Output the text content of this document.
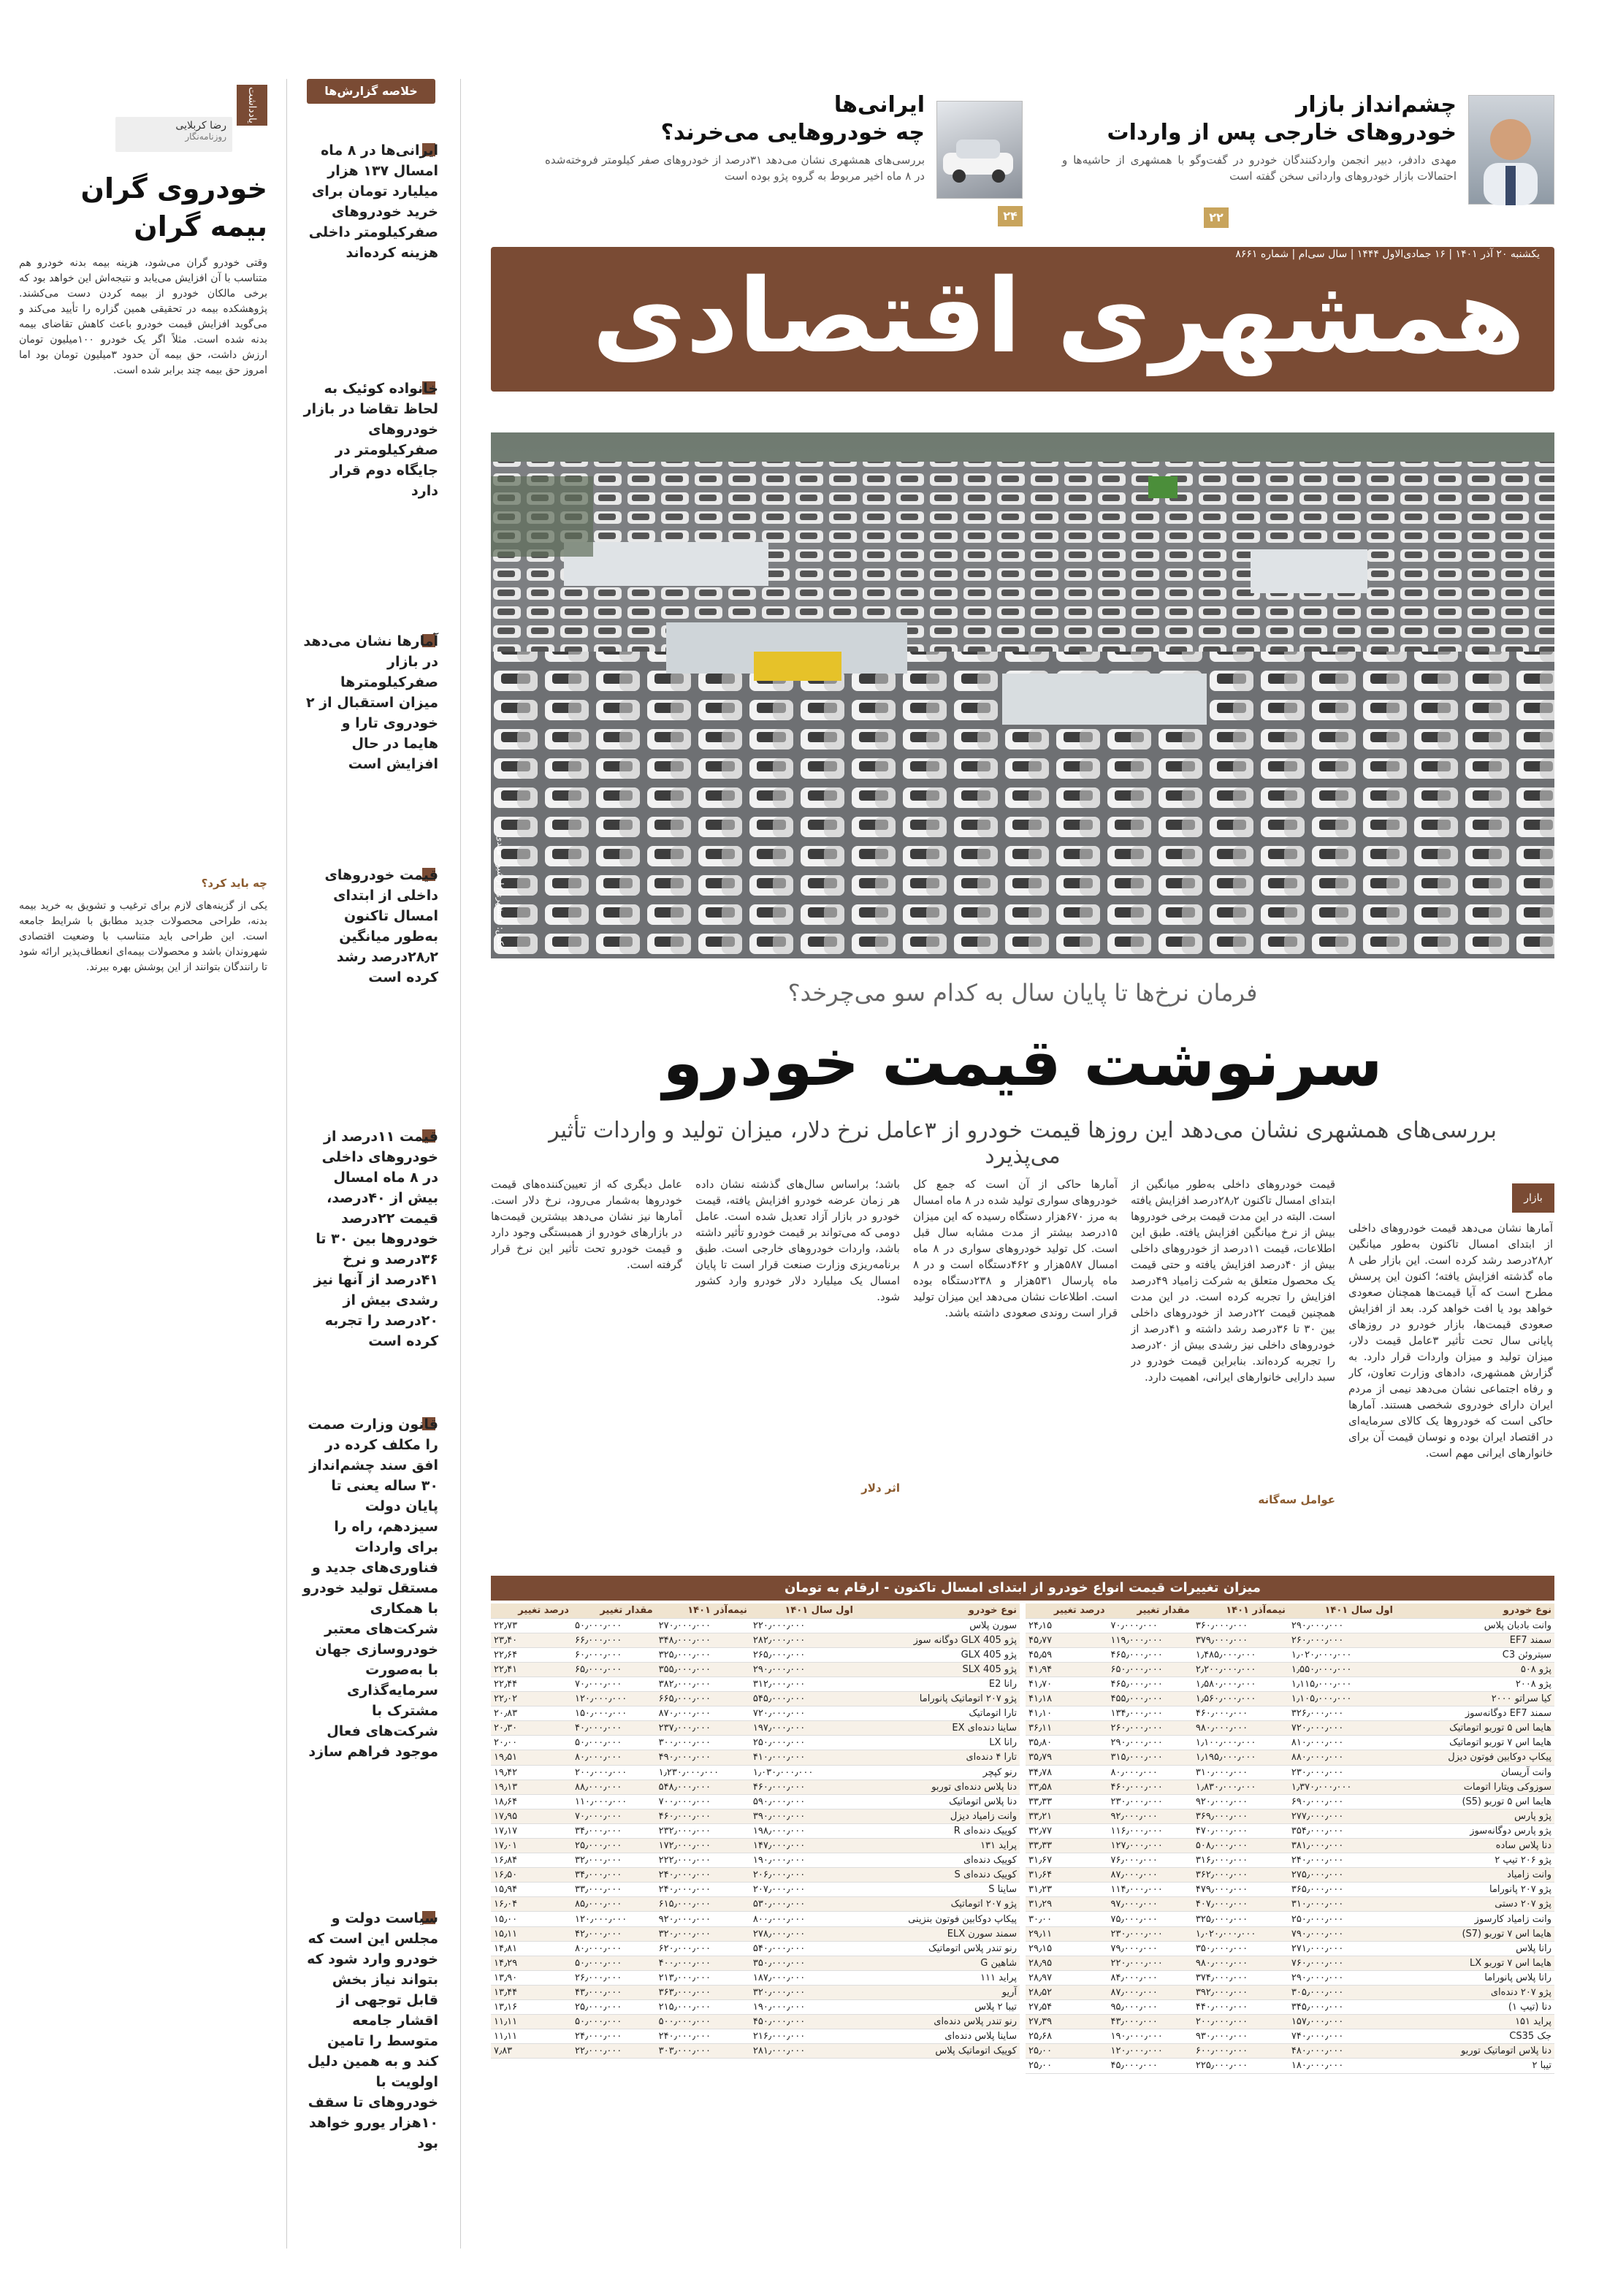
یادداشت
رضا کربلایی
روزنامه‌نگار
خودروی گران بیمه گران
وقتی خودرو گران می‌شود، هزینه بیمه بدنه خودرو هم متناسب با آن افزایش می‌یابد و نتیجه‌اش این خواهد بود که برخی مالکان خودرو از بیمه کردن دست می‌کشند. پژوهشکده بیمه در تحقیقی همین گزاره را تأیید می‌کند و می‌گوید افزایش قیمت خودرو باعث کاهش تقاضای بیمه بدنه شده است. مثلاً اگر یک خودرو ۱۰۰میلیون تومان ارزش داشت، حق بیمه آن حدود ۳میلیون تومان بود اما امروز حق بیمه چند برابر شده است.
چه باید کرد؟
یکی از گزینه‌های لازم برای ترغیب و تشویق به خرید بیمه بدنه، طراحی محصولات جدید مطابق با شرایط جامعه است. این طراحی باید متناسب با وضعیت اقتصادی شهروندان باشد و محصولات بیمه‌ای انعطاف‌پذیر ارائه شود تا رانندگان بتوانند از این پوشش بهره ببرند.
خلاصه گزارش‌ها
ایرانی‌ها در ۸ ماه امسال ۱۳۷ هزار میلیارد تومان برای خرید خودروهای صفرکیلومتر داخلی هزینه کرده‌اند
خانواده کوئیک به لحاظ تقاضا در بازار خودروهای صفرکیلومتر در جایگاه دوم قرار دارد
آمارها نشان می‌دهد در بازار صفرکیلومترها میزان استقبال از ۲ خودروی تارا و هایما در حال افزایش است
قیمت خودروهای داخلی از ابتدای امسال تاکنون به‌طور میانگین ۲۸٫۲درصد رشد کرده است
قیمت ۱۱درصد از خودروهای داخلی در ۸ ماه امسال بیش از ۴۰درصد، قیمت ۲۲درصد خودروها بین ۳۰ تا ۳۶درصد و نرخ ۴۱درصد از آنها نیز رشدی بیش از ۲۰درصد را تجربه کرده است
قانون وزارت صمت را مکلف کرده در افق سند چشم‌انداز ۳۰ ساله یعنی تا پایان دولت سیزدهم، راه را برای واردات فناوری‌های جدید و مستقل تولید خودرو با همکاری شرکت‌های معتبر خودروسازی جهان با به‌صورت سرمایه‌گذاری مشترک با شرکت‌های فعال موجود فراهم سازد
سیاست دولت و مجلس این است که خودرو وارد شود که بتواند نیاز بخش قابل توجهی از اقشار جامعه متوسط را تامین کند و به همین دلیل اولویت با خودروهای تا سقف ۱۰هزار یورو خواهد بود
چشم‌انداز بازار
خودروهای خارجی پس از واردات
مهدی دادفر، دبیر انجمن وارد‌کنندگان خودرو در گفت‌وگو با همشهری از حاشیه‌ها و احتمالات بازار خودروهای وارداتی سخن گفته است
۲۲
ایرانی‌ها
چه خودروهایی می‌خرند؟
بررسی‌های همشهری نشان می‌دهد ۳۱درصد از خودروهای صفر کیلومتر فروخته‌شده در ۸ ماه اخیر مربوط به گروه پژو بوده است
۲۴
همشهری اقتصادی
یکشنبه ۲۰ آذر ۱۴۰۱ | ۱۶ جمادی‌الاول ۱۴۴۴ | سال سی‌ام | شماره ۸۶۶۱
عکس: همشهری/ ارشیو - مهدی
فرمان نرخ‌ها تا پایان سال به کدام سو می‌چرخد؟
سرنوشت قیمت خودرو
بررسی‌های همشهری نشان می‌دهد این روزها قیمت خودرو از ۳عامل نرخ دلار، میزان تولید و واردات تأثیر می‌پذیرد
بازار
آمارها نشان می‌دهد قیمت خودروهای داخلی از ابتدای امسال تاکنون به‌طور میانگین ۲۸٫۲درصد رشد کرده است. این بازار طی ۸ ماه گذشته افزایش یافته؛ اکنون این پرسش مطرح است که آیا قیمت‌ها همچنان صعودی خواهد بود یا افت خواهد کرد. بعد از افزایش صعودی قیمت‌ها، بازار خودرو در روزهای پایانی سال تحت تأثیر ۳عامل قیمت دلار، میزان تولید و میزان واردات قرار دارد. به گزارش همشهری، دادهای وزارت تعاون، کار و رفاه اجتماعی نشان می‌دهد نیمی از مردم ایران دارای خودروی شخصی هستند. آمارها حاکی است که خودروها یک کالای سرمایه‌ای در اقتصاد ایران بوده و نوسان قیمت آن برای خانوارهای ایرانی مهم است.
قیمت خودروهای داخلی به‌طور میانگین از ابتدای امسال تاکنون ۲۸٫۲درصد افزایش یافته است. البته در این مدت قیمت برخی خودروها بیش از نرخ میانگین افزایش یافته. طبق این اطلاعات، قیمت ۱۱درصد از خودروهای داخلی بیش از ۴۰درصد افزایش یافته و حتی قیمت یک محصول متعلق به شرکت زامیاد ۴۹درصد افزایش را تجربه کرده است. در این مدت همچنین قیمت ۲۲درصد از خودروهای داخلی بین ۳۰ تا ۳۶درصد رشد داشته و ۴۱درصد از خودروهای داخلی نیز رشدی بیش از ۲۰درصد را تجربه کرده‌اند. بنابراین قیمت خودرو در سبد دارایی خانوارهای ایرانی، اهمیت دارد.
عوامل سه‌گانه
آمارها حاکی از آن است که جمع کل خودروهای سواری تولید شده در ۸ ماه امسال به مرز ۶۷۰هزار دستگاه رسیده که این میزان ۱۵درصد بیشتر از مدت مشابه سال قبل است. کل تولید خودروهای سواری در ۸ ماه امسال ۵۸۷هزار و ۴۶۲دستگاه است و در ۸ ماه پارسال ۵۳۱هزار و ۲۳۸دستگاه بوده است. اطلاعات نشان می‌دهد این میزان تولید قرار است روندی صعودی داشته باشد.
باشد؛ براساس سال‌های گذشته نشان داده هر زمان عرضه خودرو افزایش یافته، قیمت خودرو در بازار آزاد تعدیل شده است. عامل دومی که می‌تواند بر قیمت خودرو تأثیر داشته باشد، واردات خودروهای خارجی است. طبق برنامه‌ریزی وزارت صنعت قرار است تا پایان امسال یک میلیارد دلار خودرو وارد کشور شود.
اثر دلار
عامل دیگری که از تعیین‌کننده‌های قیمت خودروها به‌شمار می‌رود، نرخ دلار است. آمارها نیز نشان می‌دهد بیشترین قیمت‌ها در بازارهای خودرو از همبستگی وجود دارد و قیمت خودرو تحت تأثیر این نرخ قرار گرفته است.
میزان تغییرات قیمت انواع خودرو از ابتدای امسال تاکنون - ارقام به تومان
نوع خودرو	اول سال ۱۴۰۱	نیمه‌آذر ۱۴۰۱	مقدار تغییر	درصد تغییر
وانت بادبان پلاس	۲۹۰٫۰۰۰٫۰۰۰	۳۶۰٫۰۰۰٫۰۰۰	۷۰٫۰۰۰٫۰۰۰	۲۴٫۱۵
سمند EF7	۲۶۰٫۰۰۰٫۰۰۰	۳۷۹٫۰۰۰٫۰۰۰	۱۱۹٫۰۰۰٫۰۰۰	۴۵٫۷۷
سیتروئن C3	۱٫۰۲۰٫۰۰۰٫۰۰۰	۱٫۴۸۵٫۰۰۰٫۰۰۰	۴۶۵٫۰۰۰٫۰۰۰	۴۵٫۵۹
پژو ۵۰۸	۱٫۵۵۰٫۰۰۰٫۰۰۰	۲٫۲۰۰٫۰۰۰٫۰۰۰	۶۵۰٫۰۰۰٫۰۰۰	۴۱٫۹۴
پژو ۲۰۰۸	۱٫۱۱۵٫۰۰۰٫۰۰۰	۱٫۵۸۰٫۰۰۰٫۰۰۰	۴۶۵٫۰۰۰٫۰۰۰	۴۱٫۷۰
کیا سراتو ۲۰۰۰	۱٫۱۰۵٫۰۰۰٫۰۰۰	۱٫۵۶۰٫۰۰۰٫۰۰۰	۴۵۵٫۰۰۰٫۰۰۰	۴۱٫۱۸
سمند EF7 دوگانه‌سوز	۳۲۶٫۰۰۰٫۰۰۰	۴۶۰٫۰۰۰٫۰۰۰	۱۳۴٫۰۰۰٫۰۰۰	۴۱٫۱۰
هایما اس ۵ توربو اتوماتیک	۷۲۰٫۰۰۰٫۰۰۰	۹۸۰٫۰۰۰٫۰۰۰	۲۶۰٫۰۰۰٫۰۰۰	۳۶٫۱۱
هایما اس ۷ توربو اتوماتیک	۸۱۰٫۰۰۰٫۰۰۰	۱٫۱۰۰٫۰۰۰٫۰۰۰	۲۹۰٫۰۰۰٫۰۰۰	۳۵٫۸۰
پیکاپ دوکابین فوتون دیزل	۸۸۰٫۰۰۰٫۰۰۰	۱٫۱۹۵٫۰۰۰٫۰۰۰	۳۱۵٫۰۰۰٫۰۰۰	۳۵٫۷۹
وانت آریسان	۲۳۰٫۰۰۰٫۰۰۰	۳۱۰٫۰۰۰٫۰۰۰	۸۰٫۰۰۰٫۰۰۰	۳۴٫۷۸
سوزوکی ویتارا اتومات	۱٫۳۷۰٫۰۰۰٫۰۰۰	۱٫۸۳۰٫۰۰۰٫۰۰۰	۴۶۰٫۰۰۰٫۰۰۰	۳۳٫۵۸
هایما اس ۵ توربو (S5)	۶۹۰٫۰۰۰٫۰۰۰	۹۲۰٫۰۰۰٫۰۰۰	۲۳۰٫۰۰۰٫۰۰۰	۳۳٫۳۳
پژو پارس	۲۷۷٫۰۰۰٫۰۰۰	۳۶۹٫۰۰۰٫۰۰۰	۹۲٫۰۰۰٫۰۰۰	۳۳٫۲۱
پژو پارس دوگانه‌سوز	۳۵۴٫۰۰۰٫۰۰۰	۴۷۰٫۰۰۰٫۰۰۰	۱۱۶٫۰۰۰٫۰۰۰	۳۲٫۷۷
دنا پلاس ساده	۳۸۱٫۰۰۰٫۰۰۰	۵۰۸٫۰۰۰٫۰۰۰	۱۲۷٫۰۰۰٫۰۰۰	۳۳٫۳۳
پژو ۲۰۶ تیپ ۲	۲۴۰٫۰۰۰٫۰۰۰	۳۱۶٫۰۰۰٫۰۰۰	۷۶٫۰۰۰٫۰۰۰	۳۱٫۶۷
وانت زامیاد	۲۷۵٫۰۰۰٫۰۰۰	۳۶۲٫۰۰۰٫۰۰۰	۸۷٫۰۰۰٫۰۰۰	۳۱٫۶۴
پژو ۲۰۷ پانوراما	۳۶۵٫۰۰۰٫۰۰۰	۴۷۹٫۰۰۰٫۰۰۰	۱۱۴٫۰۰۰٫۰۰۰	۳۱٫۲۳
پژو ۲۰۷ دستی	۳۱۰٫۰۰۰٫۰۰۰	۴۰۷٫۰۰۰٫۰۰۰	۹۷٫۰۰۰٫۰۰۰	۳۱٫۲۹
وانت زامیاد کارسوز	۲۵۰٫۰۰۰٫۰۰۰	۳۲۵٫۰۰۰٫۰۰۰	۷۵٫۰۰۰٫۰۰۰	۳۰٫۰۰
هایما اس ۷ توربو (S7)	۷۹۰٫۰۰۰٫۰۰۰	۱٫۰۲۰٫۰۰۰٫۰۰۰	۲۳۰٫۰۰۰٫۰۰۰	۲۹٫۱۱
رانا پلاس	۲۷۱٫۰۰۰٫۰۰۰	۳۵۰٫۰۰۰٫۰۰۰	۷۹٫۰۰۰٫۰۰۰	۲۹٫۱۵
هایما اس ۷ توربو LX	۷۶۰٫۰۰۰٫۰۰۰	۹۸۰٫۰۰۰٫۰۰۰	۲۲۰٫۰۰۰٫۰۰۰	۲۸٫۹۵
رانا پلاس پانوراما	۲۹۰٫۰۰۰٫۰۰۰	۳۷۴٫۰۰۰٫۰۰۰	۸۴٫۰۰۰٫۰۰۰	۲۸٫۹۷
پژو ۲۰۷ دنده‌ای	۳۰۵٫۰۰۰٫۰۰۰	۳۹۲٫۰۰۰٫۰۰۰	۸۷٫۰۰۰٫۰۰۰	۲۸٫۵۲
دنا (تیپ ۱)	۳۴۵٫۰۰۰٫۰۰۰	۴۴۰٫۰۰۰٫۰۰۰	۹۵٫۰۰۰٫۰۰۰	۲۷٫۵۴
پراید ۱۵۱	۱۵۷٫۰۰۰٫۰۰۰	۲۰۰٫۰۰۰٫۰۰۰	۴۳٫۰۰۰٫۰۰۰	۲۷٫۳۹
جک CS35	۷۴۰٫۰۰۰٫۰۰۰	۹۳۰٫۰۰۰٫۰۰۰	۱۹۰٫۰۰۰٫۰۰۰	۲۵٫۶۸
دنا پلاس اتوماتیک توربو	۴۸۰٫۰۰۰٫۰۰۰	۶۰۰٫۰۰۰٫۰۰۰	۱۲۰٫۰۰۰٫۰۰۰	۲۵٫۰۰
تیبا ۲	۱۸۰٫۰۰۰٫۰۰۰	۲۲۵٫۰۰۰٫۰۰۰	۴۵٫۰۰۰٫۰۰۰	۲۵٫۰۰
نوع خودرو	اول سال ۱۴۰۱	نیمه‌آذر ۱۴۰۱	مقدار تغییر	درصد تغییر
سورن پلاس	۲۲۰٫۰۰۰٫۰۰۰	۲۷۰٫۰۰۰٫۰۰۰	۵۰٫۰۰۰٫۰۰۰	۲۲٫۷۳
پژو GLX 405 دوگانه سوز	۲۸۲٫۰۰۰٫۰۰۰	۳۴۸٫۰۰۰٫۰۰۰	۶۶٫۰۰۰٫۰۰۰	۲۳٫۴۰
پژو GLX 405	۲۶۵٫۰۰۰٫۰۰۰	۳۲۵٫۰۰۰٫۰۰۰	۶۰٫۰۰۰٫۰۰۰	۲۲٫۶۴
پژو SLX 405	۲۹۰٫۰۰۰٫۰۰۰	۳۵۵٫۰۰۰٫۰۰۰	۶۵٫۰۰۰٫۰۰۰	۲۲٫۴۱
رانا E2	۳۱۲٫۰۰۰٫۰۰۰	۳۸۲٫۰۰۰٫۰۰۰	۷۰٫۰۰۰٫۰۰۰	۲۲٫۴۴
پژو ۲۰۷ اتوماتیک پانوراما	۵۴۵٫۰۰۰٫۰۰۰	۶۶۵٫۰۰۰٫۰۰۰	۱۲۰٫۰۰۰٫۰۰۰	۲۲٫۰۲
تارا اتوماتیک	۷۲۰٫۰۰۰٫۰۰۰	۸۷۰٫۰۰۰٫۰۰۰	۱۵۰٫۰۰۰٫۰۰۰	۲۰٫۸۳
ساینا دنده‌ای EX	۱۹۷٫۰۰۰٫۰۰۰	۲۳۷٫۰۰۰٫۰۰۰	۴۰٫۰۰۰٫۰۰۰	۲۰٫۳۰
رانا LX	۲۵۰٫۰۰۰٫۰۰۰	۳۰۰٫۰۰۰٫۰۰۰	۵۰٫۰۰۰٫۰۰۰	۲۰٫۰۰
تارا ۴ دنده‌ای	۴۱۰٫۰۰۰٫۰۰۰	۴۹۰٫۰۰۰٫۰۰۰	۸۰٫۰۰۰٫۰۰۰	۱۹٫۵۱
رنو کپچر	۱٫۰۳۰٫۰۰۰٫۰۰۰	۱٫۲۳۰٫۰۰۰٫۰۰۰	۲۰۰٫۰۰۰٫۰۰۰	۱۹٫۴۲
دنا پلاس دنده‌ای توربو	۴۶۰٫۰۰۰٫۰۰۰	۵۴۸٫۰۰۰٫۰۰۰	۸۸٫۰۰۰٫۰۰۰	۱۹٫۱۳
دنا پلاس اتوماتیک	۵۹۰٫۰۰۰٫۰۰۰	۷۰۰٫۰۰۰٫۰۰۰	۱۱۰٫۰۰۰٫۰۰۰	۱۸٫۶۴
وانت زامیاد دیزل	۳۹۰٫۰۰۰٫۰۰۰	۴۶۰٫۰۰۰٫۰۰۰	۷۰٫۰۰۰٫۰۰۰	۱۷٫۹۵
کوییک دنده‌ای R	۱۹۸٫۰۰۰٫۰۰۰	۲۳۲٫۰۰۰٫۰۰۰	۳۴٫۰۰۰٫۰۰۰	۱۷٫۱۷
پراید ۱۳۱	۱۴۷٫۰۰۰٫۰۰۰	۱۷۲٫۰۰۰٫۰۰۰	۲۵٫۰۰۰٫۰۰۰	۱۷٫۰۱
کوییک دنده‌ای	۱۹۰٫۰۰۰٫۰۰۰	۲۲۲٫۰۰۰٫۰۰۰	۳۲٫۰۰۰٫۰۰۰	۱۶٫۸۴
کوییک دنده‌ای S	۲۰۶٫۰۰۰٫۰۰۰	۲۴۰٫۰۰۰٫۰۰۰	۳۴٫۰۰۰٫۰۰۰	۱۶٫۵۰
ساینا S	۲۰۷٫۰۰۰٫۰۰۰	۲۴۰٫۰۰۰٫۰۰۰	۳۳٫۰۰۰٫۰۰۰	۱۵٫۹۴
پژو ۲۰۷ اتوماتیک	۵۳۰٫۰۰۰٫۰۰۰	۶۱۵٫۰۰۰٫۰۰۰	۸۵٫۰۰۰٫۰۰۰	۱۶٫۰۴
پیکاپ دوکابین فوتون بنزینی	۸۰۰٫۰۰۰٫۰۰۰	۹۲۰٫۰۰۰٫۰۰۰	۱۲۰٫۰۰۰٫۰۰۰	۱۵٫۰۰
سمند سورن ELX	۲۷۸٫۰۰۰٫۰۰۰	۳۲۰٫۰۰۰٫۰۰۰	۴۲٫۰۰۰٫۰۰۰	۱۵٫۱۱
رنو تندر پلاس اتوماتیک	۵۴۰٫۰۰۰٫۰۰۰	۶۲۰٫۰۰۰٫۰۰۰	۸۰٫۰۰۰٫۰۰۰	۱۴٫۸۱
شاهین G	۳۵۰٫۰۰۰٫۰۰۰	۴۰۰٫۰۰۰٫۰۰۰	۵۰٫۰۰۰٫۰۰۰	۱۴٫۲۹
پراید ۱۱۱	۱۸۷٫۰۰۰٫۰۰۰	۲۱۳٫۰۰۰٫۰۰۰	۲۶٫۰۰۰٫۰۰۰	۱۳٫۹۰
آریو	۳۲۰٫۰۰۰٫۰۰۰	۳۶۳٫۰۰۰٫۰۰۰	۴۳٫۰۰۰٫۰۰۰	۱۳٫۴۴
تیبا ۲ پلاس	۱۹۰٫۰۰۰٫۰۰۰	۲۱۵٫۰۰۰٫۰۰۰	۲۵٫۰۰۰٫۰۰۰	۱۳٫۱۶
رنو تندر پلاس دنده‌ای	۴۵۰٫۰۰۰٫۰۰۰	۵۰۰٫۰۰۰٫۰۰۰	۵۰٫۰۰۰٫۰۰۰	۱۱٫۱۱
ساینا پلاس دنده‌ای	۲۱۶٫۰۰۰٫۰۰۰	۲۴۰٫۰۰۰٫۰۰۰	۲۴٫۰۰۰٫۰۰۰	۱۱٫۱۱
کوییک اتوماتیک پلاس	۲۸۱٫۰۰۰٫۰۰۰	۳۰۳٫۰۰۰٫۰۰۰	۲۲٫۰۰۰٫۰۰۰	۷٫۸۳
